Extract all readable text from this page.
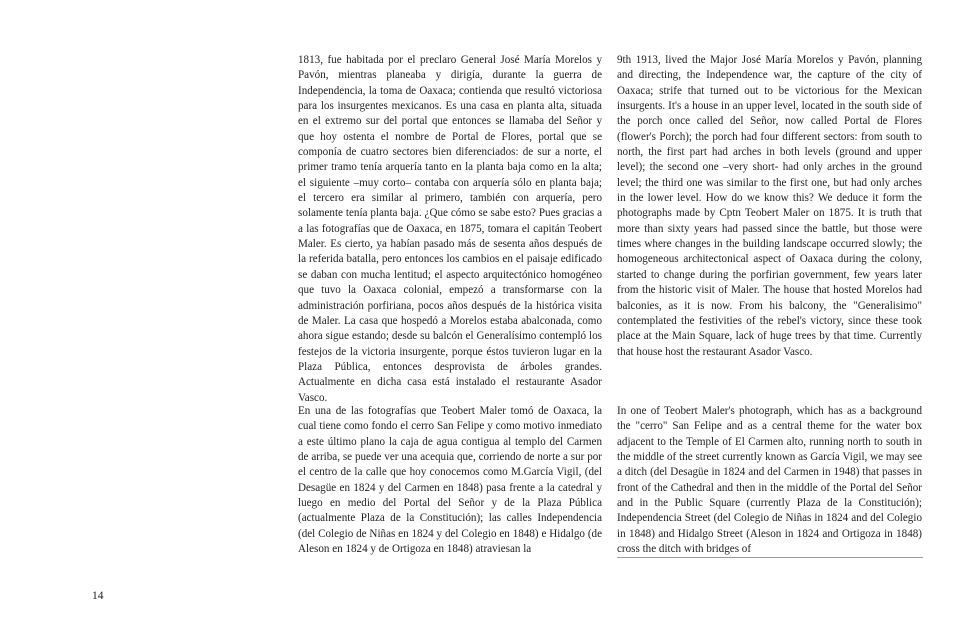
1813, fue habitada por el preclaro General José María Morelos y Pavón, mientras planeaba y dirigía, durante la guerra de Independencia, la toma de Oaxaca; contienda que resultó victoriosa para los insurgentes mexicanos. Es una casa en planta alta, situada en el extremo sur del portal que entonces se llamaba del Señor y que hoy ostenta el nombre de Portal de Flores, portal que se componía de cuatro sectores bien diferenciados: de sur a norte, el primer tramo tenía arquería tanto en la planta baja como en la alta; el siguiente –muy corto– contaba con arquería sólo en planta baja; el tercero era similar al primero, también con arquería, pero solamente tenía planta baja. ¿Que cómo se sabe esto? Pues gracias a a las fotografías que de Oaxaca, en 1875, tomara el capitán Teobert Maler. Es cierto, ya habían pasado más de sesenta años después de la referida batalla, pero entonces los cambios en el paisaje edificado se daban con mucha lentitud; el aspecto arquitectónico homogéneo que tuvo la Oaxaca colonial, empezó a transformarse con la administración porfiriana, pocos años después de la histórica visita de Maler. La casa que hospedó a Morelos estaba abalconada, como ahora sigue estando; desde su balcón el Generalísimo contempló los festejos de la victoria insurgente, porque éstos tuvieron lugar en la Plaza Pública, entonces desprovista de árboles grandes. Actualmente en dicha casa está instalado el restaurante Asador Vasco.

9th 1913, lived the Major José María Morelos y Pavón, planning and directing, the Independence war, the capture of the city of Oaxaca; strife that turned out to be victorious for the Mexican insurgents. It's a house in an upper level, located in the south side of the porch once called del Señor, now called Portal de Flores (flower's Porch); the porch had four different sectors: from south to north, the first part had arches in both levels (ground and upper level); the second one –very short- had only arches in the ground level; the third one was similar to the first one, but had only arches in the lower level. How do we know this? We deduce it form the photographs made by Cptn Teobert Maler on 1875. It is truth that more than sixty years had passed since the battle, but those were times where changes in the building landscape occurred slowly; the homogeneous architectonical aspect of Oaxaca during the colony, started to change during the porfirian government, few years later from the historic visit of Maler. The house that hosted Morelos had balconies, as it is now. From his balcony, the "Generalisimo" contemplated the festivities of the rebel's victory, since these took place at the Main Square, lack of huge trees by that time. Currently that house host the restaurant Asador Vasco.

En una de las fotografías que Teobert Maler tomó de Oaxaca, la cual tiene como fondo el cerro San Felipe y como motivo inmediato a este último plano la caja de agua contigua al templo del Carmen de arriba, se puede ver una acequia que, corriendo de norte a sur por el centro de la calle que hoy conocemos como M.García Vigil, (del Desagüe en 1824 y del Carmen en 1848) pasa frente a la catedral y luego en medio del Portal del Señor y de la Plaza Pública (actualmente Plaza de la Constitución); las calles Independencia (del Colegio de Niñas en 1824 y del Colegio en 1848) e Hidalgo (de Aleson en 1824 y de Ortigoza en 1848) atraviesan la

In one of Teobert Maler's photograph, which has as a background the "cerro" San Felipe and as a central theme for the water box adjacent to the Temple of El Carmen alto, running north to south in the middle of the street currently known as García Vigil, we may see a ditch (del Desagüe in 1824 and del Carmen in 1948) that passes in front of the Cathedral and then in the middle of the Portal del Señor and in the Public Square (currently Plaza de la Constitución); Independencia Street (del Colegio de Niñas in 1824 and del Colegio in 1848) and Hidalgo Street (Aleson in 1824 and Ortigoza in 1848) cross the ditch with bridges of

14
